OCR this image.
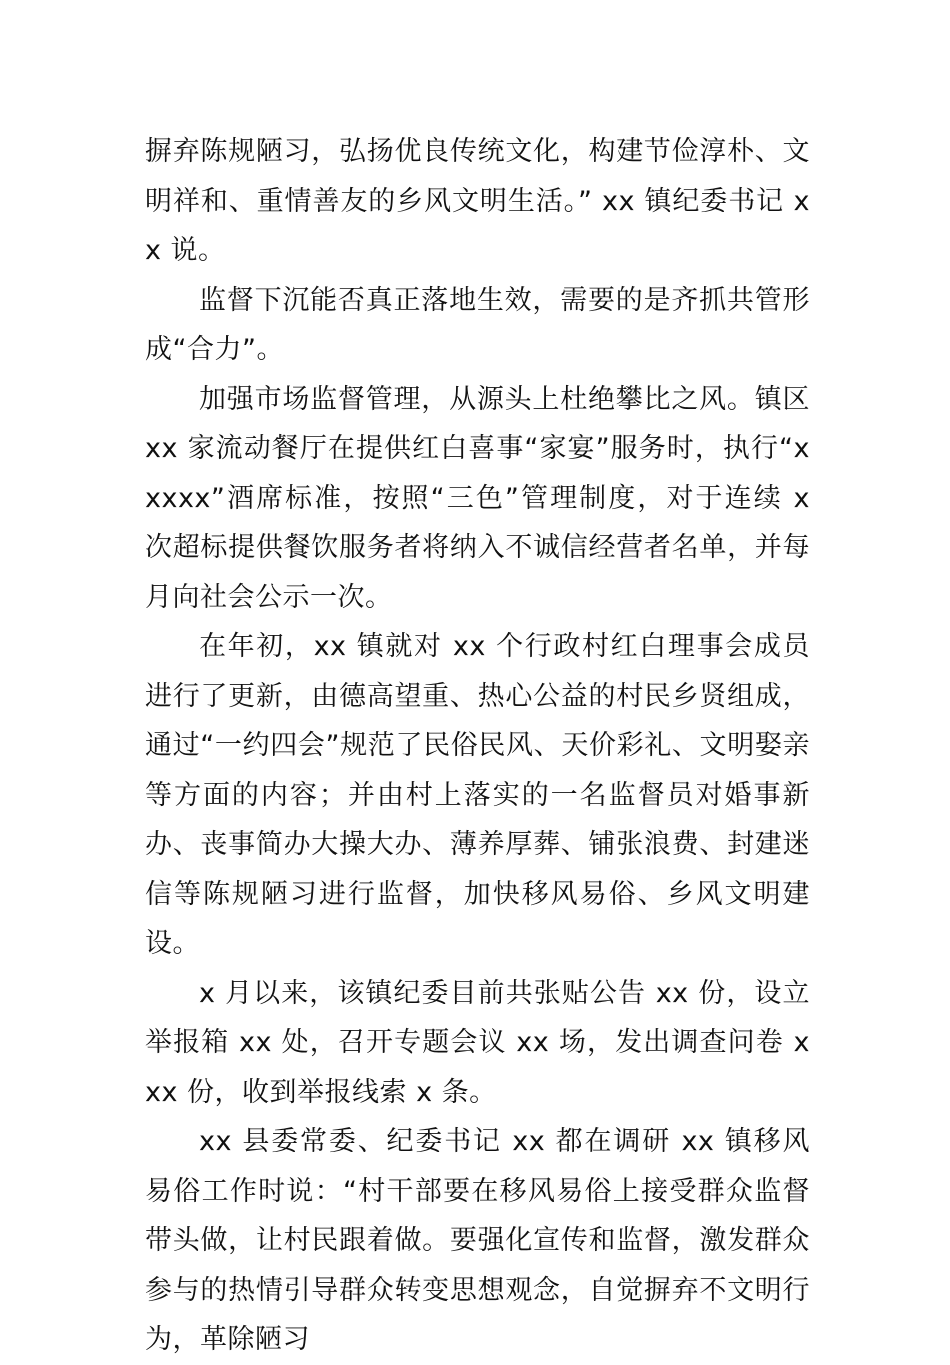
摒弃陈规陋习，弘扬优良传统文化，构建节俭淳朴、文明祥和、重情善友的乡风文明生活。” xx 镇纪委书记 xx 说。

监督下沉能否真正落地生效，需要的是齐抓共管形成“合力”。

加强市场监督管理，从源头上杜绝攀比之风。镇区 xx 家流动餐厅在提供红白喜事“家宴”服务时，执行“xxxxx”酒席标准，按照“三色”管理制度，对于连续 x 次超标提供餐饮服务者将纳入不诚信经营者名单，并每月向社会公示一次。

在年初，xx 镇就对 xx 个行政村红白理事会成员进行了更新，由德高望重、热心公益的村民乡贤组成，通过“一约四会”规范了民俗民风、天价彩礼、文明娶亲等方面的内容；并由村上落实的一名监督员对婚事新办、丧事简办大操大办、薄养厚葬、铺张浪费、封建迷信等陈规陋习进行监督，加快移风易俗、乡风文明建设。

x 月以来，该镇纪委目前共张贴公告 xx 份，设立举报箱 xx 处，召开专题会议 xx 场，发出调查问卷 xxx 份，收到举报线索 x 条。

xx 县委常委、纪委书记 xx 都在调研 xx 镇移风易俗工作时说：“村干部要在移风易俗上接受群众监督带头做，让村民跟着做。要强化宣传和监督，激发群众参与的热情引导群众转变思想观念，自觉摒弃不文明行为，革除陋习
